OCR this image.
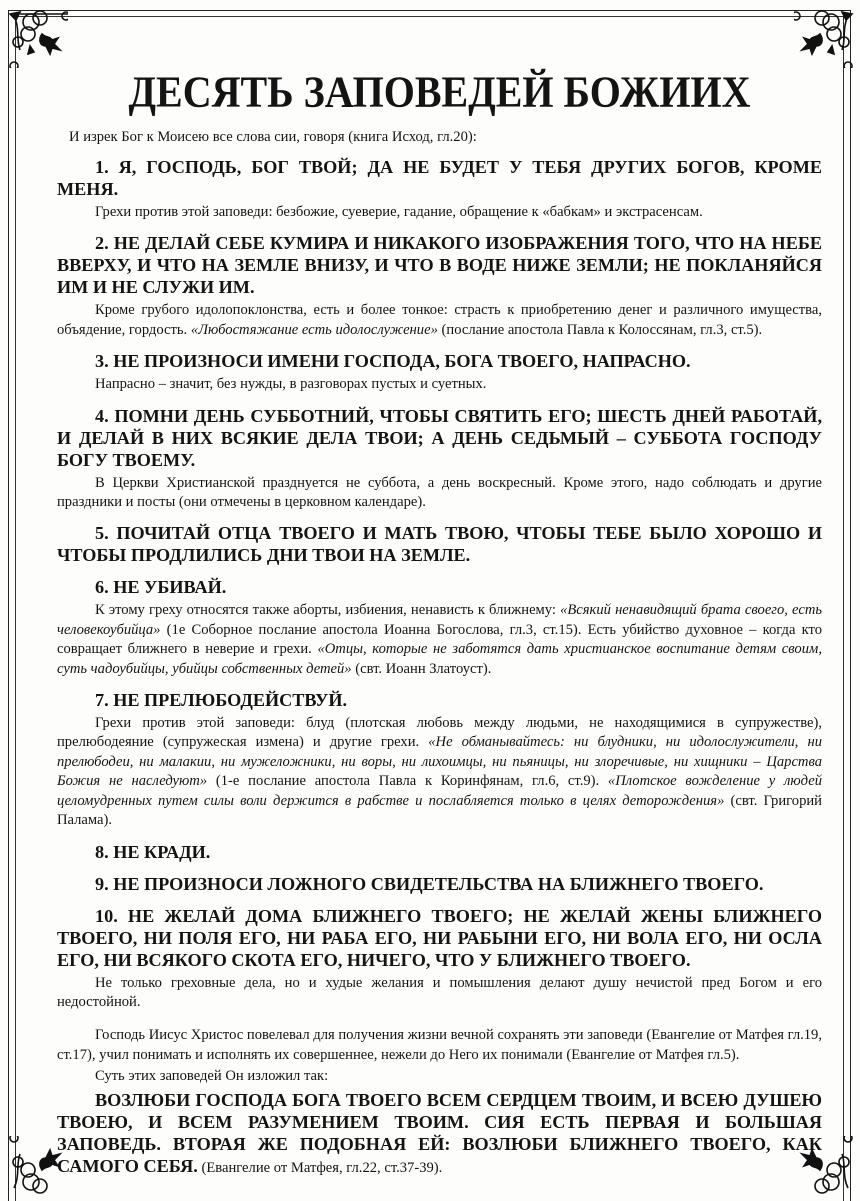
ДЕСЯТЬ ЗАПОВЕДЕЙ БОЖИИХ

И изрек Бог к Моисею все слова сии, говоря (книга Исход, гл.20):

1. Я, ГОСПОДЬ, БОГ ТВОЙ; ДА НЕ БУДЕТ У ТЕБЯ ДРУГИХ БОГОВ, КРОМЕ МЕНЯ.

Грехи против этой заповеди: безбожие, суеверие, гадание, обращение к «бабкам» и экстрасенсам.

2. НЕ ДЕЛАЙ СЕБЕ КУМИРА И НИКАКОГО ИЗОБРАЖЕНИЯ ТОГО, ЧТО НА НЕБЕ ВВЕРХУ, И ЧТО НА ЗЕМЛЕ ВНИЗУ, И ЧТО В ВОДЕ НИЖЕ ЗЕМЛИ; НЕ ПОКЛАНЯЙСЯ ИМ И НЕ СЛУЖИ ИМ.

Кроме грубого идолопоклонства, есть и более тонкое: страсть к приобретению денег и различного имущества, объядение, гордость. «Любостяжание есть идолослужение» (послание апостола Павла к Колоссянам, гл.3, ст.5).

3. НЕ ПРОИЗНОСИ ИМЕНИ ГОСПОДА, БОГА ТВОЕГО, НАПРАСНО.

Напрасно – значит, без нужды, в разговорах пустых и суетных.

4. ПОМНИ ДЕНЬ СУББОТНИЙ, ЧТОБЫ СВЯТИТЬ ЕГО; ШЕСТЬ ДНЕЙ РАБОТАЙ, И ДЕЛАЙ В НИХ ВСЯКИЕ ДЕЛА ТВОИ; А ДЕНЬ СЕДЬМЫЙ – СУББОТА ГОСПОДУ БОГУ ТВОЕМУ.

В Церкви Христианской празднуется не суббота, а день воскресный. Кроме этого, надо соблюдать и другие праздники и посты (они отмечены в церковном календаре).

5. ПОЧИТАЙ ОТЦА ТВОЕГО И МАТЬ ТВОЮ, ЧТОБЫ ТЕБЕ БЫЛО ХОРОШО И ЧТОБЫ ПРОДЛИЛИСЬ ДНИ ТВОИ НА ЗЕМЛЕ.

6. НЕ УБИВАЙ.

К этому греху относятся также аборты, избиения, ненависть к ближнему: «Всякий ненавидящий брата своего, есть человекоубийца» (1е Соборное послание апостола Иоанна Богослова, гл.3, ст.15). Есть убийство духовное – когда кто совращает ближнего в неверие и грехи. «Отцы, которые не заботятся дать христианское воспитание детям своим, суть чадоубийцы, убийцы собственных детей» (свт. Иоанн Златоуст).

7. НЕ ПРЕЛЮБОДЕЙСТВУЙ.

Грехи против этой заповеди: блуд (плотская любовь между людьми, не находящимися в супружестве), прелюбодеяние (супружеская измена) и другие грехи. «Не обманывайтесь: ни блудники, ни идолослужители, ни прелюбодеи, ни малакии, ни мужеложники, ни воры, ни лихоимцы, ни пьяницы, ни злоречивые, ни хищники – Царства Божия не наследуют» (1-е послание апостола Павла к Коринфянам, гл.6, ст.9). «Плотское вожделение у людей целомудренных путем силы воли держится в рабстве и послабляется только в целях деторождения» (свт. Григорий Палама).

8. НЕ КРАДИ.

9. НЕ ПРОИЗНОСИ ЛОЖНОГО СВИДЕТЕЛЬСТВА НА БЛИЖНЕГО ТВОЕГО.

10. НЕ ЖЕЛАЙ ДОМА БЛИЖНЕГО ТВОЕГО; НЕ ЖЕЛАЙ ЖЕНЫ БЛИЖНЕГО ТВОЕГО, НИ ПОЛЯ ЕГО, НИ РАБА ЕГО, НИ РАБЫНИ ЕГО, НИ ВОЛА ЕГО, НИ ОСЛА ЕГО, НИ ВСЯКОГО СКОТА ЕГО, НИЧЕГО, ЧТО У БЛИЖНЕГО ТВОЕГО.

Не только греховные дела, но и худые желания и помышления делают душу нечистой пред Богом и его недостойной.

Господь Иисус Христос повелевал для получения жизни вечной сохранять эти заповеди (Евангелие от Матфея гл.19, ст.17), учил понимать и исполнять их совершеннее, нежели до Него их понимали (Евангелие от Матфея гл.5).

Суть этих заповедей Он изложил так:

ВОЗЛЮБИ ГОСПОДА БОГА ТВОЕГО ВСЕМ СЕРДЦЕМ ТВОИМ, И ВСЕЮ ДУШЕЮ ТВОЕЮ, И ВСЕМ РАЗУМЕНИЕМ ТВОИМ. СИЯ ЕСТЬ ПЕРВАЯ И БОЛЬШАЯ ЗАПОВЕДЬ. ВТОРАЯ ЖЕ ПОДОБНАЯ ЕЙ: ВОЗЛЮБИ БЛИЖНЕГО ТВОЕГО, КАК САМОГО СЕБЯ. (Евангелие от Матфея, гл.22, ст.37-39).
